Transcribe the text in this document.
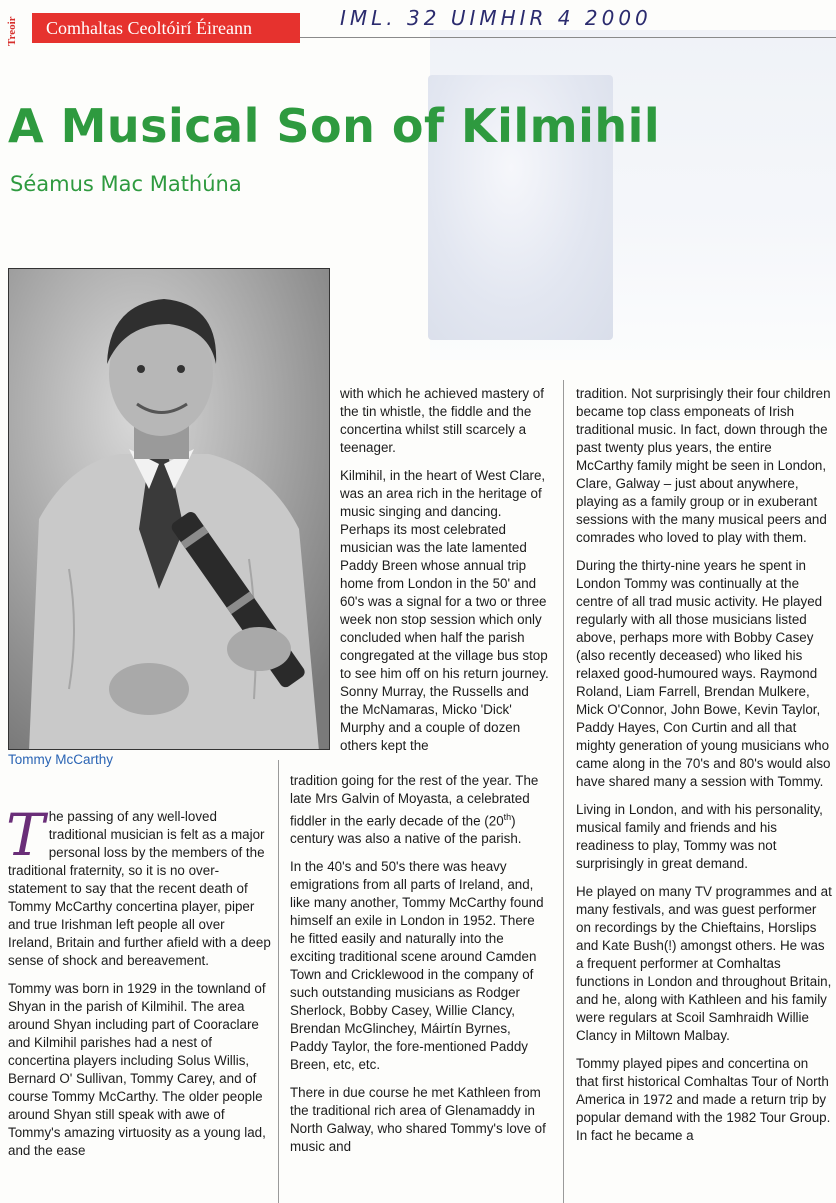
Treoir	Comhaltas Ceoltóirí Éireann	IML. 32 UIMHIR 4 2000
A Musical Son of Kilmihil
Séamus Mac Mathúna
Tommy McCarthy

The passing of any well-loved traditional musician is felt as a major personal loss by the members of the traditional fraternity, so it is no over-statement to say that the recent death of Tommy McCarthy concertina player, piper and true Irishman left people all over Ireland, Britain and further afield with a deep sense of shock and bereavement.

Tommy was born in 1929 in the townland of Shyan in the parish of Kilmihil. The area around Shyan including part of Cooraclare and Kilmihil parishes had a nest of concertina players including Solus Willis, Bernard O' Sullivan, Tommy Carey, and of course Tommy McCarthy. The older people around Shyan still speak with awe of Tommy's amazing virtuosity as a young lad, and the ease

with which he achieved mastery of the tin whistle, the fiddle and the concertina whilst still scarcely a teenager.

Kilmihil, in the heart of West Clare, was an area rich in the heritage of music singing and dancing. Perhaps its most celebrated musician was the late lamented Paddy Breen whose annual trip home from London in the 50' and 60's was a signal for a two or three week non stop session which only concluded when half the parish congregated at the village bus stop to see him off on his return journey. Sonny Murray, the Russells and the McNamaras, Micko 'Dick' Murphy and a couple of dozen others kept the

tradition going for the rest of the year. The late Mrs Galvin of Moyasta, a celebrated fiddler in the early decade of the (20th) century was also a native of the parish.

In the 40's and 50's there was heavy emigrations from all parts of Ireland, and, like many another, Tommy McCarthy found himself an exile in London in 1952. There he fitted easily and naturally into the exciting traditional scene around Camden Town and Cricklewood in the company of such outstanding musicians as Rodger Sherlock, Bobby Casey, Willie Clancy, Brendan McGlinchey, Máirtín Byrnes, Paddy Taylor, the fore-mentioned Paddy Breen, etc, etc.

There in due course he met Kathleen from the traditional rich area of Glenamaddy in North Galway, who shared Tommy's love of music and

tradition. Not surprisingly their four children became top class emponeats of Irish traditional music. In fact, down through the past twenty plus years, the entire McCarthy family might be seen in London, Clare, Galway – just about anywhere, playing as a family group or in exuberant sessions with the many musical peers and comrades who loved to play with them.

During the thirty-nine years he spent in London Tommy was continually at the centre of all trad music activity. He played regularly with all those musicians listed above, perhaps more with Bobby Casey (also recently deceased) who liked his relaxed good-humoured ways. Raymond Roland, Liam Farrell, Brendan Mulkere, Mick O'Connor, John Bowe, Kevin Taylor, Paddy Hayes, Con Curtin and all that mighty generation of young musicians who came along in the 70's and 80's would also have shared many a session with Tommy.

Living in London, and with his personality, musical family and friends and his readiness to play, Tommy was not surprisingly in great demand.

He played on many TV programmes and at many festivals, and was guest performer on recordings by the Chieftains, Horslips and Kate Bush(!) amongst others. He was a frequent performer at Comhaltas functions in London and throughout Britain, and he, along with Kathleen and his family were regulars at Scoil Samhraidh Willie Clancy in Miltown Malbay.

Tommy played pipes and concertina on that first historical Comhaltas Tour of North America in 1972 and made a return trip by popular demand with the 1982 Tour Group. In fact he became a
